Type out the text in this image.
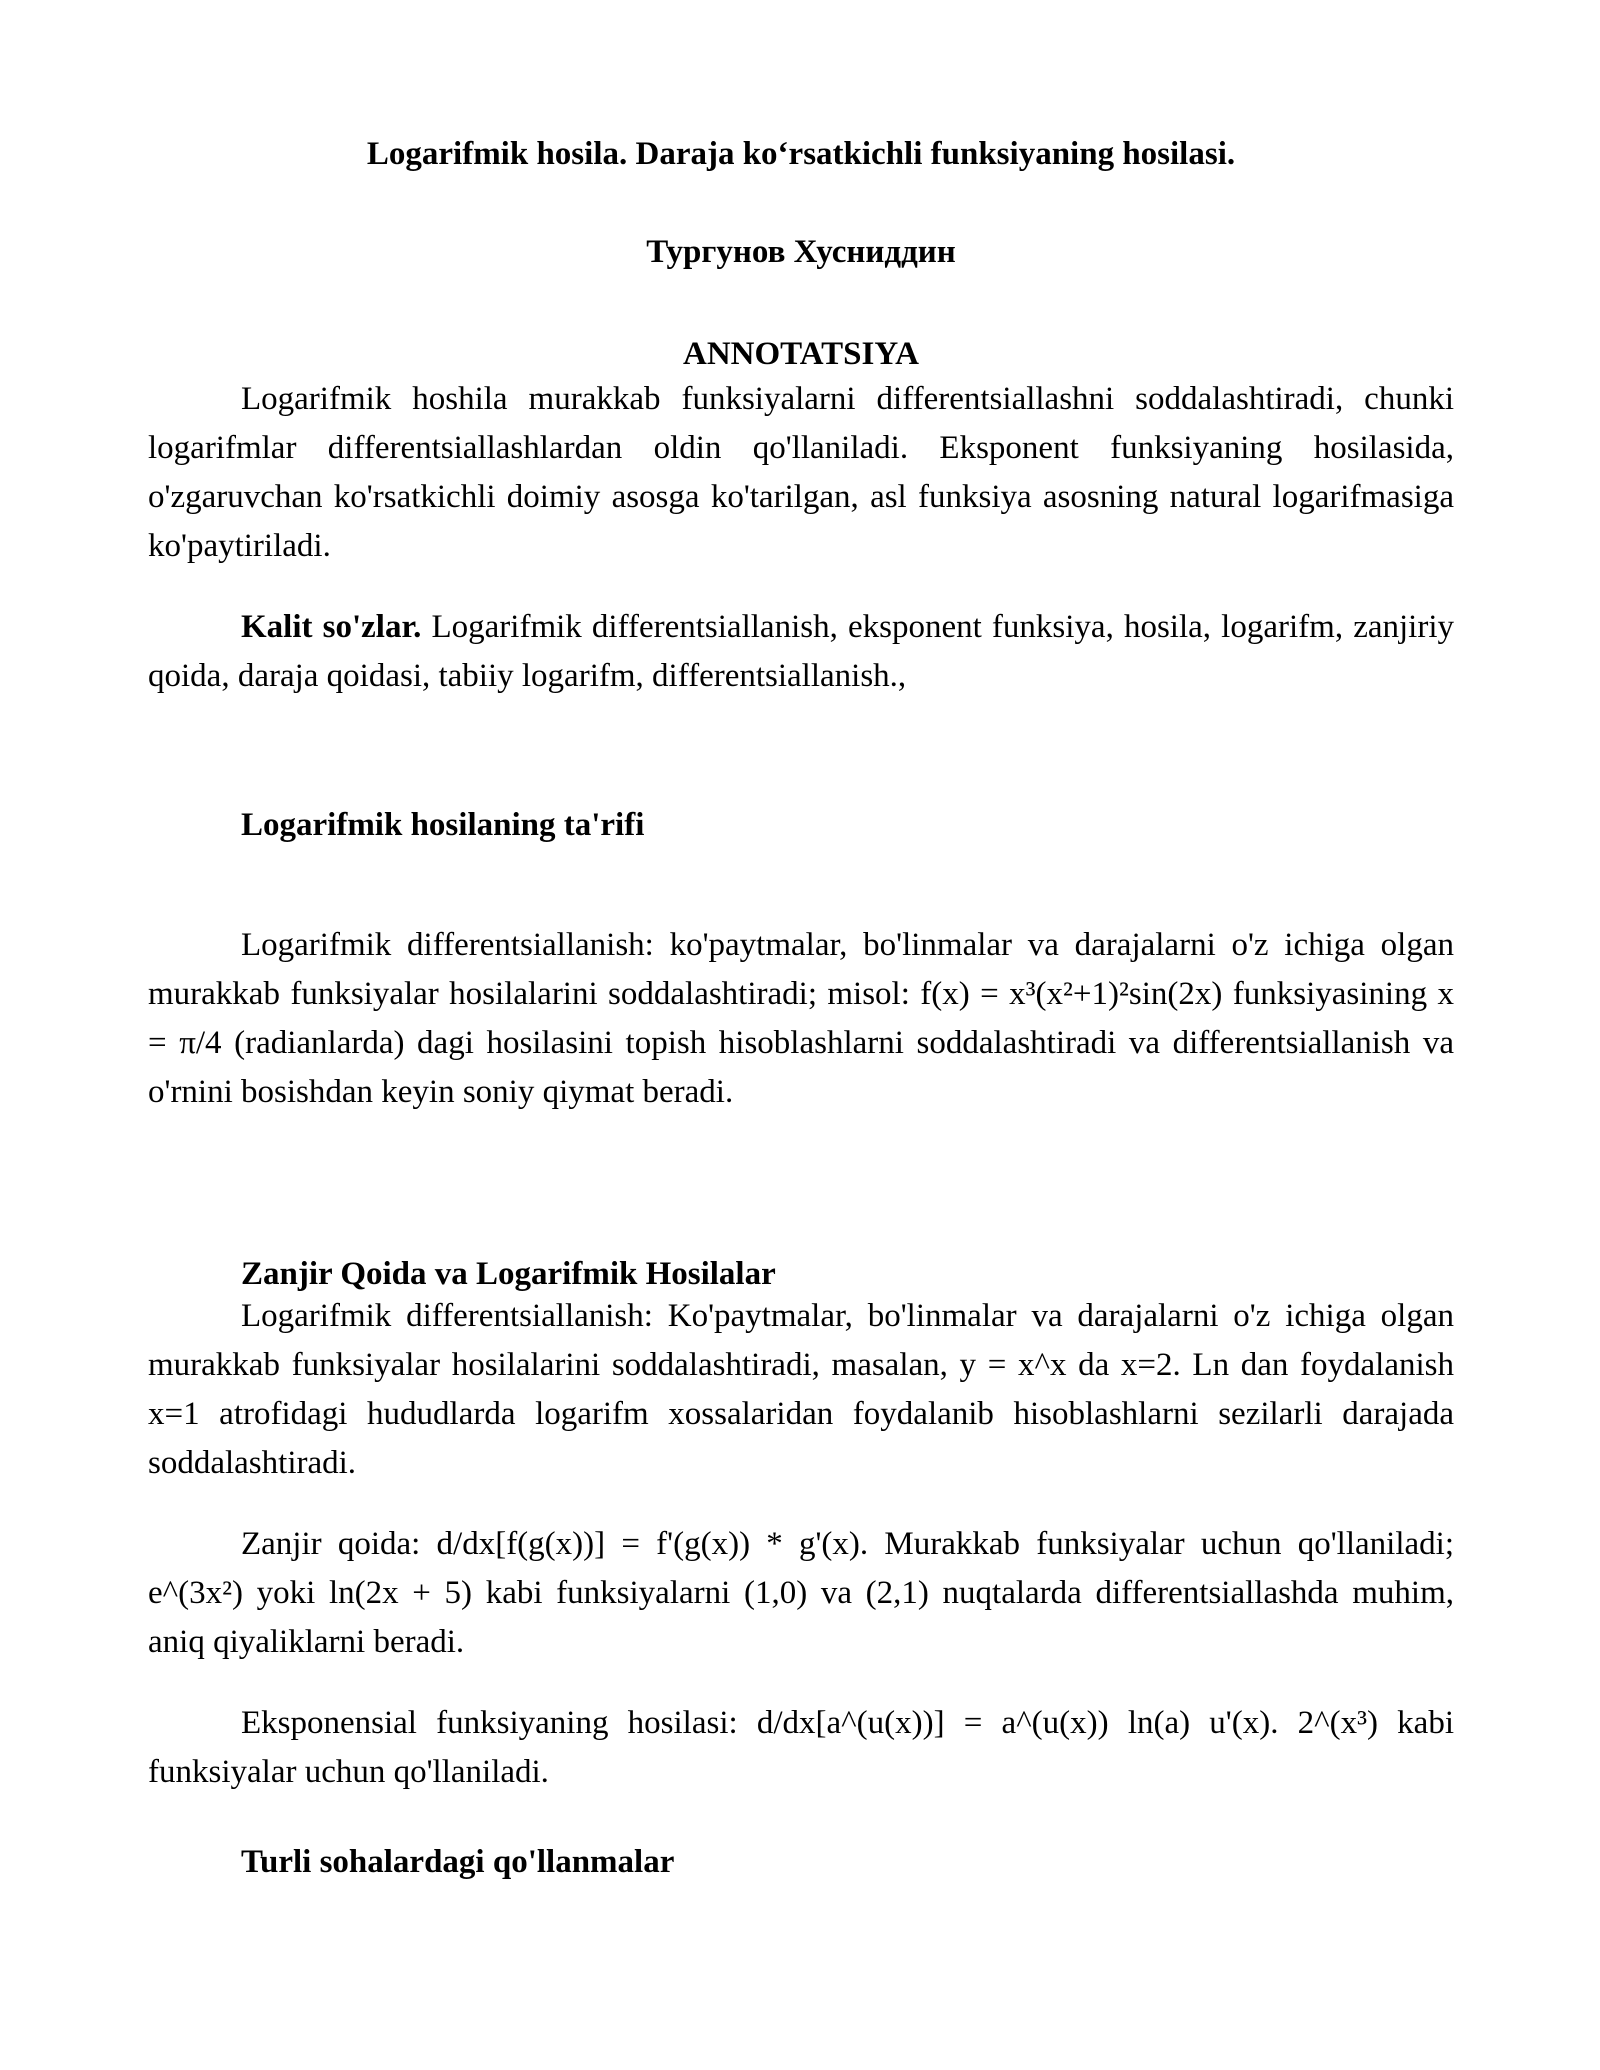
Logarifmik hosila. Daraja ko‘rsatkichli funksiyaning hosilasi.

Тургунов Хусниддин

ANNOTATSIYA

Logarifmik hoshila murakkab funksiyalarni differentsiallashni soddalashtiradi, chunki logarifmlar differentsiallashlardan oldin qo'llaniladi. Eksponent funksiyaning hosilasida, o'zgaruvchan ko'rsatkichli doimiy asosga ko'tarilgan, asl funksiya asosning natural logarifmasiga ko'paytiriladi.

Kalit so'zlar. Logarifmik differentsiallanish, eksponent funksiya, hosila, logarifm, zanjiriy qoida, daraja qoidasi, tabiiy logarifm, differentsiallanish.,

Logarifmik hosilaning ta'rifi

Logarifmik differentsiallanish: ko'paytmalar, bo'linmalar va darajalarni o'z ichiga olgan murakkab funksiyalar hosilalarini soddalashtiradi; misol: f(x) = x³(x²+1)²sin(2x) funksiyasining x = π/4 (radianlarda) dagi hosilasini topish hisoblashlarni soddalashtiradi va differentsiallanish va o'rnini bosishdan keyin soniy qiymat beradi.

Zanjir Qoida va Logarifmik Hosilalar

Logarifmik differentsiallanish: Ko'paytmalar, bo'linmalar va darajalarni o'z ichiga olgan murakkab funksiyalar hosilalarini soddalashtiradi, masalan, y = x^x da x=2. Ln dan foydalanish x=1 atrofidagi hududlarda logarifm xossalaridan foydalanib hisoblashlarni sezilarli darajada soddalashtiradi.

Zanjir qoida: d/dx[f(g(x))] = f'(g(x)) * g'(x). Murakkab funksiyalar uchun qo'llaniladi; e^(3x²) yoki ln(2x + 5) kabi funksiyalarni (1,0) va (2,1) nuqtalarda differentsiallashda muhim, aniq qiyaliklarni beradi.

Eksponensial funksiyaning hosilasi: d/dx[a^(u(x))] = a^(u(x)) ln(a) u'(x). 2^(x³) kabi funksiyalar uchun qo'llaniladi.

Turli sohalardagi qo'llanmalar
